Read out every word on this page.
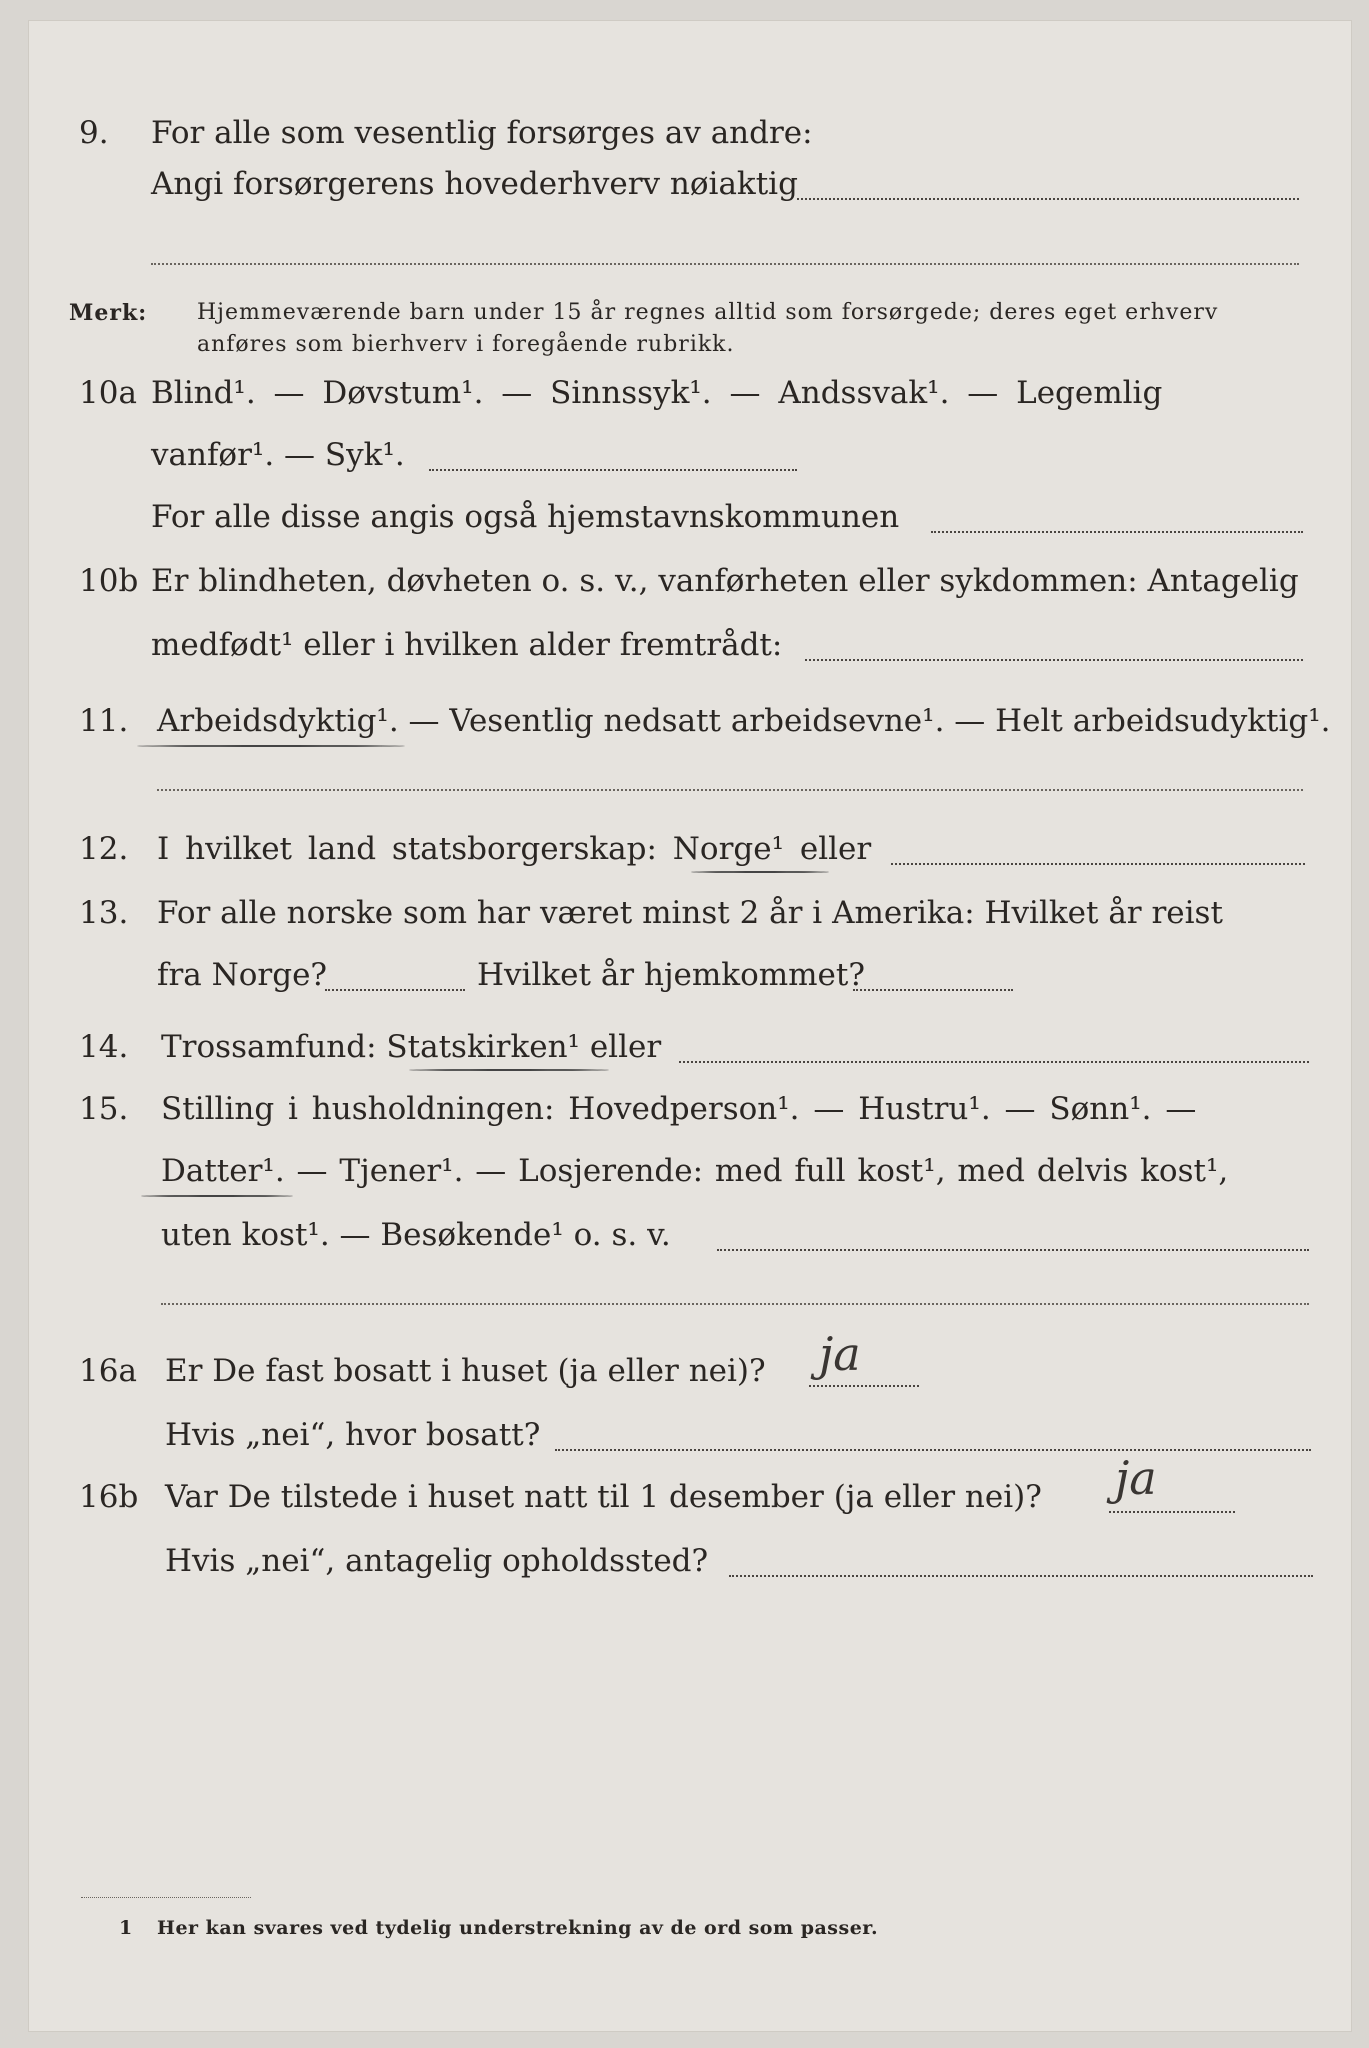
9. For alle som vesentlig forsørges av andre:
Angi forsørgerens hovederhverv nøiaktig
Merk: Hjemmeværende barn under 15 år regnes alltid som forsørgede; deres eget erhverv
anføres som bierhverv i foregående rubrikk.
10a Blind¹. — Døvstum¹. — Sinnssyk¹. — Andssvak¹. — Legemlig
vanfør¹. — Syk¹.
For alle disse angis også hjemstavnskommunen
10b Er blindheten, døvheten o. s. v., vanførheten eller sykdommen: Antagelig
medfødt¹ eller i hvilken alder fremtrådt:
11. Arbeidsdyktig¹. — Vesentlig nedsatt arbeidsevne¹. — Helt arbeidsudyktig¹.
12. I hvilket land statsborgerskap: Norge¹ eller
13. For alle norske som har været minst 2 år i Amerika: Hvilket år reist
fra Norge?	Hvilket år hjemkommet?
14. Trossamfund: Statskirken¹ eller
15. Stilling i husholdningen: Hovedperson¹. — Hustru¹. — Sønn¹. —
Datter¹. — Tjener¹. — Losjerende: med full kost¹, med delvis kost¹,
uten kost¹. — Besøkende¹ o. s. v.
16a Er De fast bosatt i huset (ja eller nei)? ja
Hvis „nei“, hvor bosatt?
16b Var De tilstede i huset natt til 1 desember (ja eller nei)? ja
Hvis „nei“, antagelig opholdssted?
1 Her kan svares ved tydelig understrekning av de ord som passer.
